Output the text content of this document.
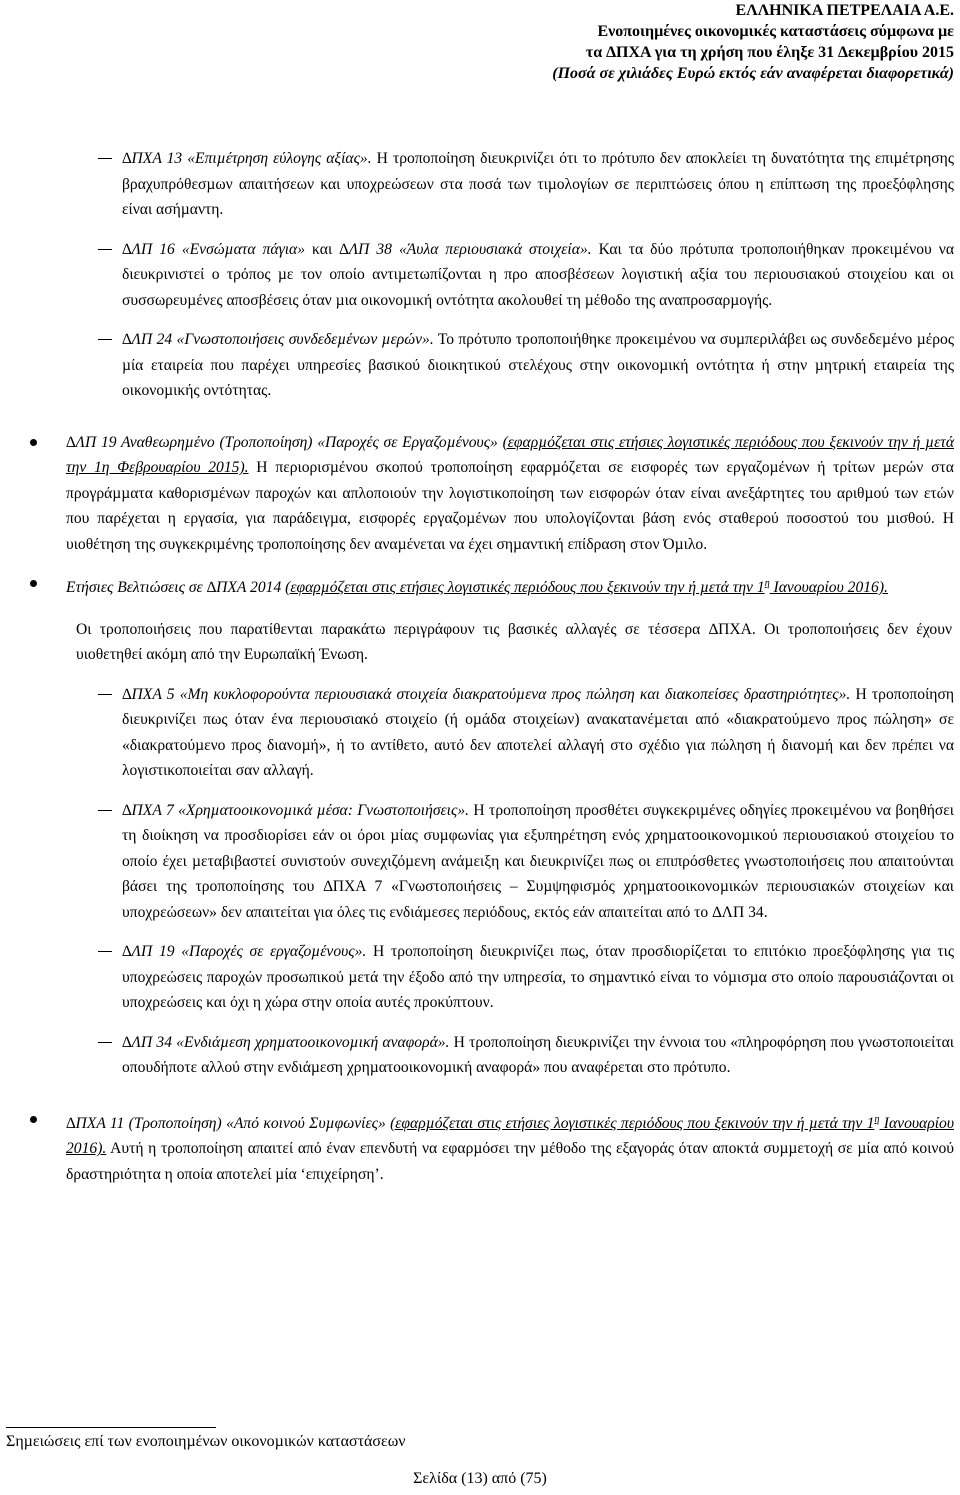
ΕΛΛΗΝΙΚΑ ΠΕΤΡΕΛΑΙΑ Α.Ε.
Ενοποιηµένες οικονοµικές καταστάσεις σύµφωνα µε
τα ∆ΠΧΑ για τη χρήση που έληξε 31 ∆εκεµβρίου 2015
(Ποσά σε χιλιάδες Ευρώ εκτός εάν αναφέρεται διαφορετικά)

∆ΠΧΑ 13 «Επιµέτρηση εύλογης αξίας». Η τροποποίηση διευκρινίζει ότι το πρότυπο δεν αποκλείει τη δυνατότητα της επιµέτρησης βραχυπρόθεσµων απαιτήσεων και υποχρεώσεων στα ποσά των τιµολογίων σε περιπτώσεις όπου η επίπτωση της προεξόφλησης είναι ασήµαντη.

∆ΛΠ 16 «Ενσώµατα πάγια» και ∆ΛΠ 38 «Άυλα περιουσιακά στοιχεία». Και τα δύο πρότυπα τροποποιήθηκαν προκειµένου να διευκρινιστεί ο τρόπος µε τον οποίο αντιµετωπίζονται η προ αποσβέσεων λογιστική αξία του περιουσιακού στοιχείου και οι συσσωρευµένες αποσβέσεις όταν µια οικονοµική οντότητα ακολουθεί τη µέθοδο της αναπροσαρµογής.

∆ΛΠ 24 «Γνωστοποιήσεις συνδεδεµένων µερών». Το πρότυπο τροποποιήθηκε προκειµένου να συµπεριλάβει ως συνδεδεµένο µέρος µία εταιρεία που παρέχει υπηρεσίες βασικού διοικητικού στελέχους στην οικονοµική οντότητα ή στην µητρική εταιρεία της οικονοµικής οντότητας.

∆ΛΠ 19 Αναθεωρηµένο (Τροποποίηση) «Παροχές σε Εργαζοµένους» (εφαρµόζεται στις ετήσιες λογιστικές περιόδους που ξεκινούν την ή µετά την 1η Φεβρουαρίου 2015). Η περιορισµένου σκοπού τροποποίηση εφαρµόζεται σε εισφορές των εργαζοµένων ή τρίτων µερών στα προγράµµατα καθορισµένων παροχών και απλοποιούν την λογιστικοποίηση των εισφορών όταν είναι ανεξάρτητες του αριθµού των ετών που παρέχεται η εργασία, για παράδειγµα, εισφορές εργαζοµένων που υπολογίζονται βάση ενός σταθερού ποσοστού του µισθού. Η υιοθέτηση της συγκεκριµένης τροποποίησης δεν αναµένεται να έχει σηµαντική επίδραση στον Όµιλο.

Ετήσιες Βελτιώσεις σε ∆ΠΧΑ 2014 (εφαρµόζεται στις ετήσιες λογιστικές περιόδους που ξεκινούν την ή µετά την $1^\eta$ Ιανουαρίου 2016).

Οι τροποποιήσεις που παρατίθενται παρακάτω περιγράφουν τις βασικές αλλαγές σε τέσσερα ∆ΠΧΑ. Οι τροποποιήσεις δεν έχουν υιοθετηθεί ακόµη από την Ευρωπαϊκή Ένωση.

∆ΠΧΑ 5 «Μη κυκλοφορούντα περιουσιακά στοιχεία διακρατούµενα προς πώληση και διακοπείσες δραστηριότητες». Η τροποποίηση διευκρινίζει πως όταν ένα περιουσιακό στοιχείο (ή οµάδα στοιχείων) ανακατανέµεται από «διακρατούµενο προς πώληση» σε «διακρατούµενο προς διανοµή», ή το αντίθετο, αυτό δεν αποτελεί αλλαγή στο σχέδιο για πώληση ή διανοµή και δεν πρέπει να λογιστικοποιείται σαν αλλαγή.

∆ΠΧΑ 7 «Χρηµατοοικονοµικά µέσα: Γνωστοποιήσεις». Η τροποποίηση προσθέτει συγκεκριµένες οδηγίες προκειµένου να βοηθήσει τη διοίκηση να προσδιορίσει εάν οι όροι µίας συµφωνίας για εξυπηρέτηση ενός χρηµατοοικονοµικού περιουσιακού στοιχείου το οποίο έχει µεταβιβαστεί συνιστούν συνεχιζόµενη ανάµειξη και διευκρινίζει πως οι επιπρόσθετες γνωστοποιήσεις που απαιτούνται βάσει της τροποποίησης του ∆ΠΧΑ 7 «Γνωστοποιήσεις – Συµψηφισµός χρηµατοοικονοµικών περιουσιακών στοιχείων και υποχρεώσεων» δεν απαιτείται για όλες τις ενδιάµεσες περιόδους, εκτός εάν απαιτείται από το ∆ΛΠ 34.

∆ΛΠ 19 «Παροχές σε εργαζοµένους». Η τροποποίηση διευκρινίζει πως, όταν προσδιορίζεται το επιτόκιο προεξόφλησης για τις υποχρεώσεις παροχών προσωπικού µετά την έξοδο από την υπηρεσία, το σηµαντικό είναι το νόµισµα στο οποίο παρουσιάζονται οι υποχρεώσεις και όχι η χώρα στην οποία αυτές προκύπτουν.

∆ΛΠ 34 «Ενδιάµεση χρηµατοοικονοµική αναφορά». Η τροποποίηση διευκρινίζει την έννοια του «πληροφόρηση που γνωστοποιείται οπουδήποτε αλλού στην ενδιάµεση χρηµατοοικονοµική αναφορά» που αναφέρεται στο πρότυπο.

∆ΠΧΑ 11 (Τροποποίηση) «Από κοινού Συµφωνίες» (εφαρµόζεται στις ετήσιες λογιστικές περιόδους που ξεκινούν την ή µετά την $1^\eta$ Ιανουαρίου 2016). Αυτή η τροποποίηση απαιτεί από έναν επενδυτή να εφαρµόσει την µέθοδο της εξαγοράς όταν αποκτά συµµετοχή σε µία από κοινού δραστηριότητα η οποία αποτελεί µία ‘επιχείρηση’.

Σηµειώσεις επί των ενοποιηµένων οικονοµικών καταστάσεων
Σελίδα (13) από (75)
